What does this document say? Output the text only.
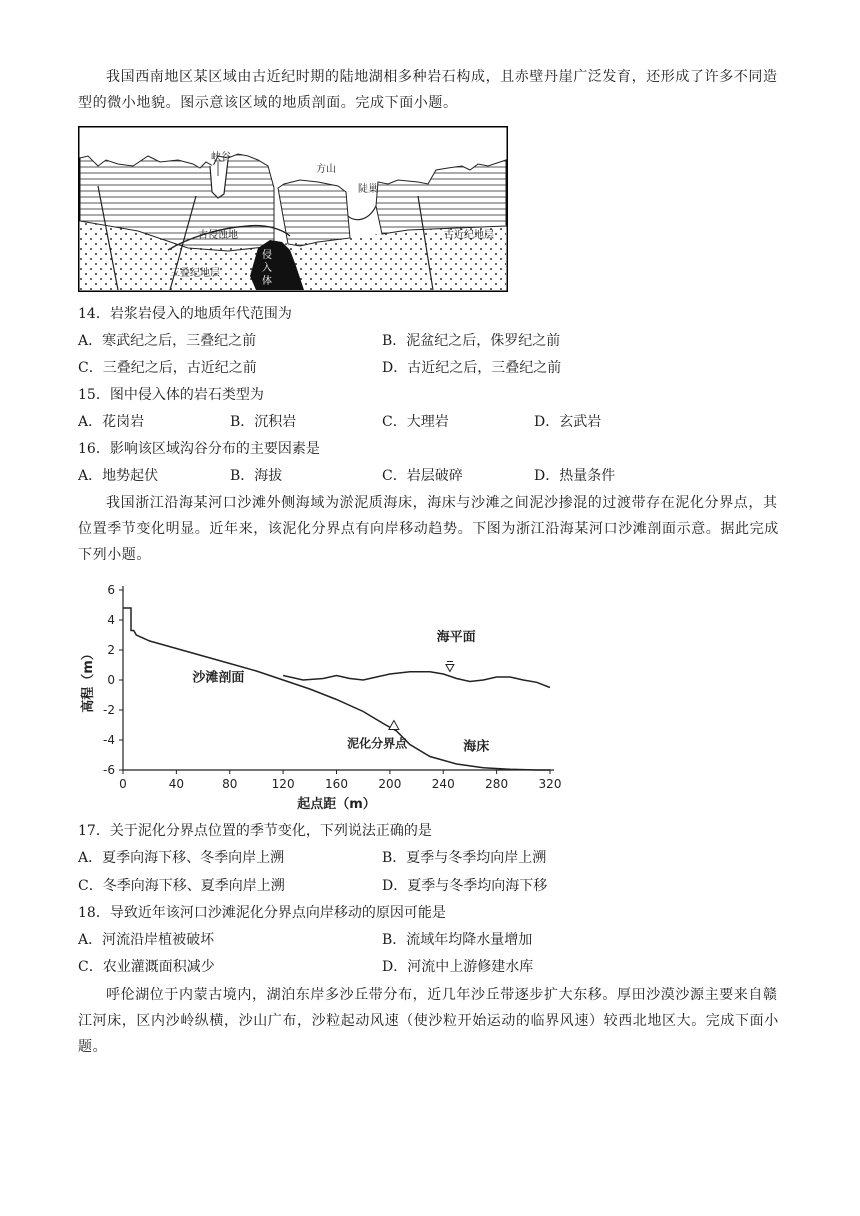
我国西南地区某区域由古近纪时期的陆地湖相多种岩石构成，且赤壁丹崖广泛发育，还形成了许多不同造型的微小地貌。图示意该区域的地质剖面。完成下面小题。

峡谷
方山
陡巢
古侵蚀地	古近纪地层
三叠纪地层
侵
入
体

14．岩浆岩侵入的地质年代范围为

A．寒武纪之后，三叠纪之前	B．泥盆纪之后，侏罗纪之前

C．三叠纪之后，古近纪之前	D．古近纪之后，三叠纪之前

15．图中侵入体的岩石类型为

A．花岗岩	B．沉积岩	C．大理岩	D．玄武岩

16．影响该区域沟谷分布的主要因素是

A．地势起伏	B．海拔	C．岩层破碎	D．热量条件

我国浙江沿海某河口沙滩外侧海域为淤泥质海床，海床与沙滩之间泥沙掺混的过渡带存在泥化分界点，其位置季节变化明显。近年来，该泥化分界点有向岸移动趋势。下图为浙江沿海某河口沙滩剖面示意。据此完成下列小题。

0	40	80	120	160	200	240	280	320
6
4
2
0
-2
-4
-6
起点距（m）
高程（m）
海平面
沙滩剖面
泥化分界点	海床

17．关于泥化分界点位置的季节变化，下列说法正确的是

A．夏季向海下移、冬季向岸上溯	B．夏季与冬季均向岸上溯

C．冬季向海下移、夏季向岸上溯	D．夏季与冬季均向海下移

18．导致近年该河口沙滩泥化分界点向岸移动的原因可能是

A．河流沿岸植被破坏	B．流域年均降水量增加

C．农业灌溉面积减少	D．河流中上游修建水库

呼伦湖位于内蒙古境内，湖泊东岸多沙丘带分布，近几年沙丘带逐步扩大东移。厚田沙漠沙源主要来自赣江河床，区内沙岭纵横，沙山广布，沙粒起动风速（使沙粒开始运动的临界风速）较西北地区大。完成下面小题。
